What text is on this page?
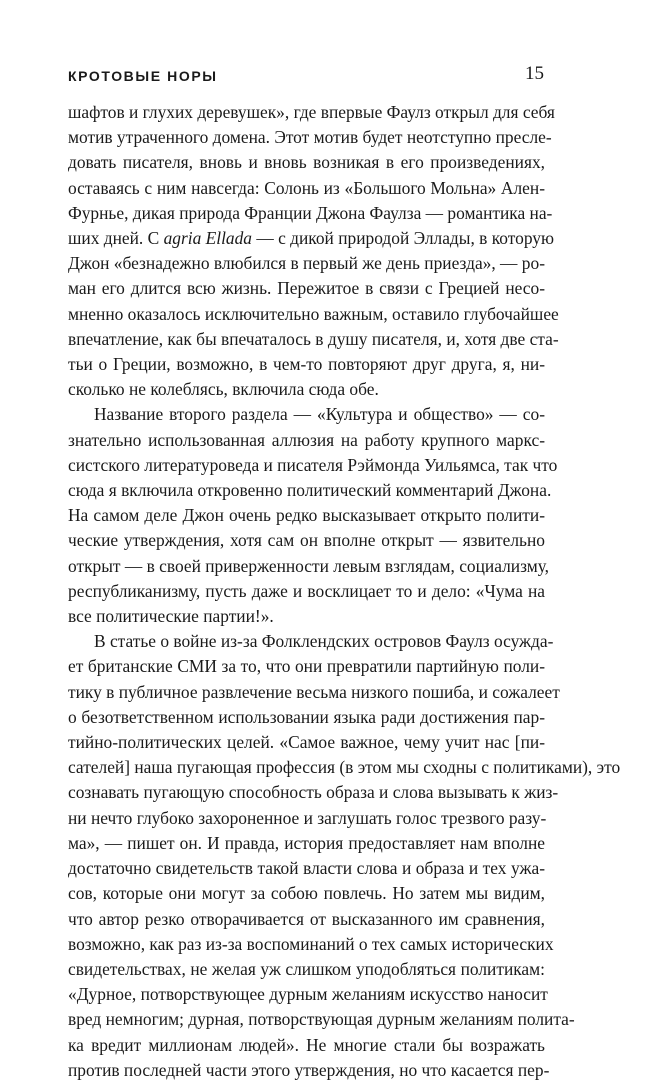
КРОТОВЫЕ НОРЫ	15
шафтов и глухих деревушек», где впервые Фаулз открыл для себя
мотив утраченного домена. Этот мотив будет неотступно пресле-
довать писателя, вновь и вновь возникая в его произведениях,
оставаясь с ним навсегда: Солонь из «Большого Мольна» Ален-
Фурнье, дикая природа Франции Джона Фаулза — романтика на-
ших дней. С agria Ellada — с дикой природой Эллады, в которую
Джон «безнадежно влюбился в первый же день приезда», — ро-
ман его длится всю жизнь. Пережитое в связи с Грецией несо-
мненно оказалось исключительно важным, оставило глубочайшее
впечатление, как бы впечаталось в душу писателя, и, хотя две ста-
тьи о Греции, возможно, в чем-то повторяют друг друга, я, ни-
сколько не колеблясь, включила сюда обе.
Название второго раздела — «Культура и общество» — со-
знательно использованная аллюзия на работу крупного маркс-
систского литературоведа и писателя Рэймонда Уильямса, так что
сюда я включила откровенно политический комментарий Джона.
На самом деле Джон очень редко высказывает открыто полити-
ческие утверждения, хотя сам он вполне открыт — язвительно
открыт — в своей приверженности левым взглядам, социализму,
республиканизму, пусть даже и восклицает то и дело: «Чума на
все политические партии!».
В статье о войне из-за Фолклендских островов Фаулз осужда-
ет британские СМИ за то, что они превратили партийную поли-
тику в публичное развлечение весьма низкого пошиба, и сожалеет
о безответственном использовании языка ради достижения пар-
тийно-политических целей. «Самое важное, чему учит нас [пи-
сателей] наша пугающая профессия (в этом мы сходны с политиками), это
сознавать пугающую способность образа и слова вызывать к жиз-
ни нечто глубоко захороненное и заглушать голос трезвого разу-
ма», — пишет он. И правда, история предоставляет нам вполне
достаточно свидетельств такой власти слова и образа и тех ужа-
сов, которые они могут за собою повлечь. Но затем мы видим,
что автор резко отворачивается от высказанного им сравнения,
возможно, как раз из-за воспоминаний о тех самых исторических
свидетельствах, не желая уж слишком уподобляться политикам:
«Дурное, потворствующее дурным желаниям искусство наносит
вред немногим; дурная, потворствующая дурным желаниям полита-
ка вредит миллионам людей». Не многие стали бы возражать
против последней части этого утверждения, но что касается пер-
